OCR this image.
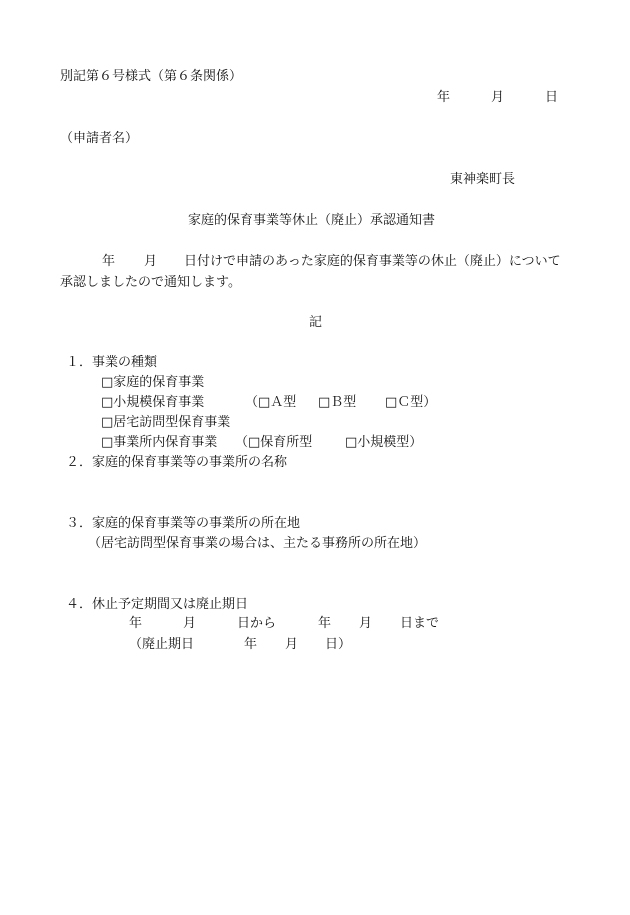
別記第６号様式（第６条関係）
年	月	日
（申請者名）
東神楽町長
家庭的保育事業等休止（廃止）承認通知書
年 月 日付けで申請のあった家庭的保育事業等の休止（廃止）について
承認しましたので通知します。
記
１．事業の種類
□家庭的保育事業
□小規模保育事業	（□Ａ型 □Ｂ型 □Ｃ型）
□居宅訪問型保育事業
□事業所内保育事業 （□保育所型	□小規模型）
２．家庭的保育事業等の事業所の名称
３．家庭的保育事業等の事業所の所在地
（居宅訪問型保育事業の場合は、主たる事務所の所在地）
４．休止予定期間又は廃止期日
年	月	日から	年 月 日まで
（廃止期日	年 月 日）
